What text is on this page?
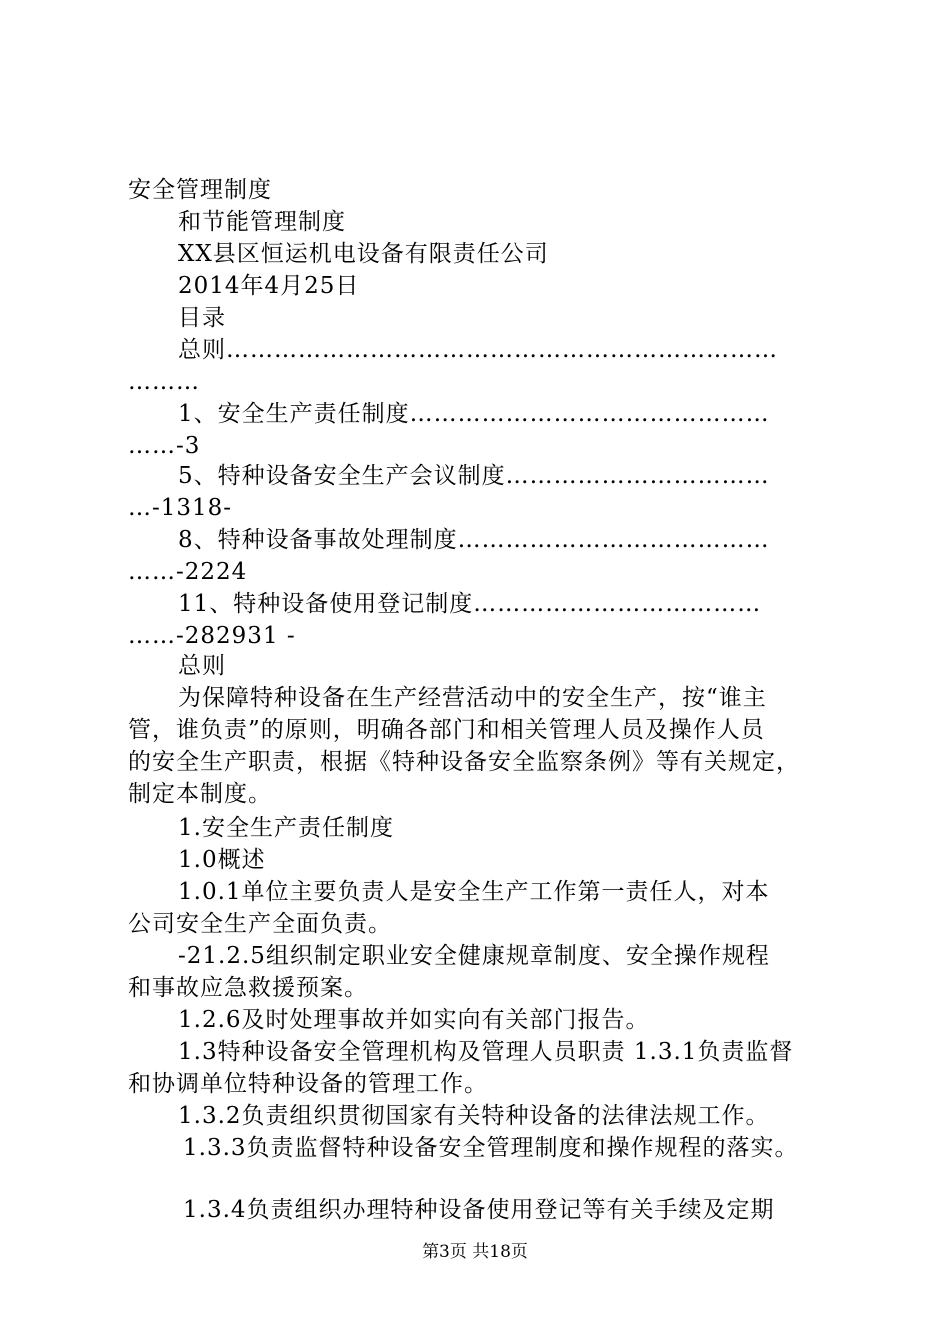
安全管理制度
和节能管理制度
XX县区恒运机电设备有限责任公司
2014年4月25日
目录
总则……………………………………………………………
………
1、安全生产责任制度………………………………………
……-3
5、特种设备安全生产会议制度……………………………
…-1318-
8、特种设备事故处理制度…………………………………
……-2224
11、特种设备使用登记制度………………………………
……-282931 -
总则
为保障特种设备在生产经营活动中的安全生产，按“谁主
管，谁负责”的原则，明确各部门和相关管理人员及操作人员
的安全生产职责，根据《特种设备安全监察条例》等有关规定，
制定本制度。
1.安全生产责任制度
1.0概述
1.0.1单位主要负责人是安全生产工作第一责任人，对本
公司安全生产全面负责。
-21.2.5组织制定职业安全健康规章制度、安全操作规程
和事故应急救援预案。
1.2.6及时处理事故并如实向有关部门报告。
1.3特种设备安全管理机构及管理人员职责 1.3.1负责监督
和协调单位特种设备的管理工作。
1.3.2负责组织贯彻国家有关特种设备的法律法规工作。
1.3.3负责监督特种设备安全管理制度和操作规程的落实。
1.3.4负责组织办理特种设备使用登记等有关手续及定期
第3页 共18页
